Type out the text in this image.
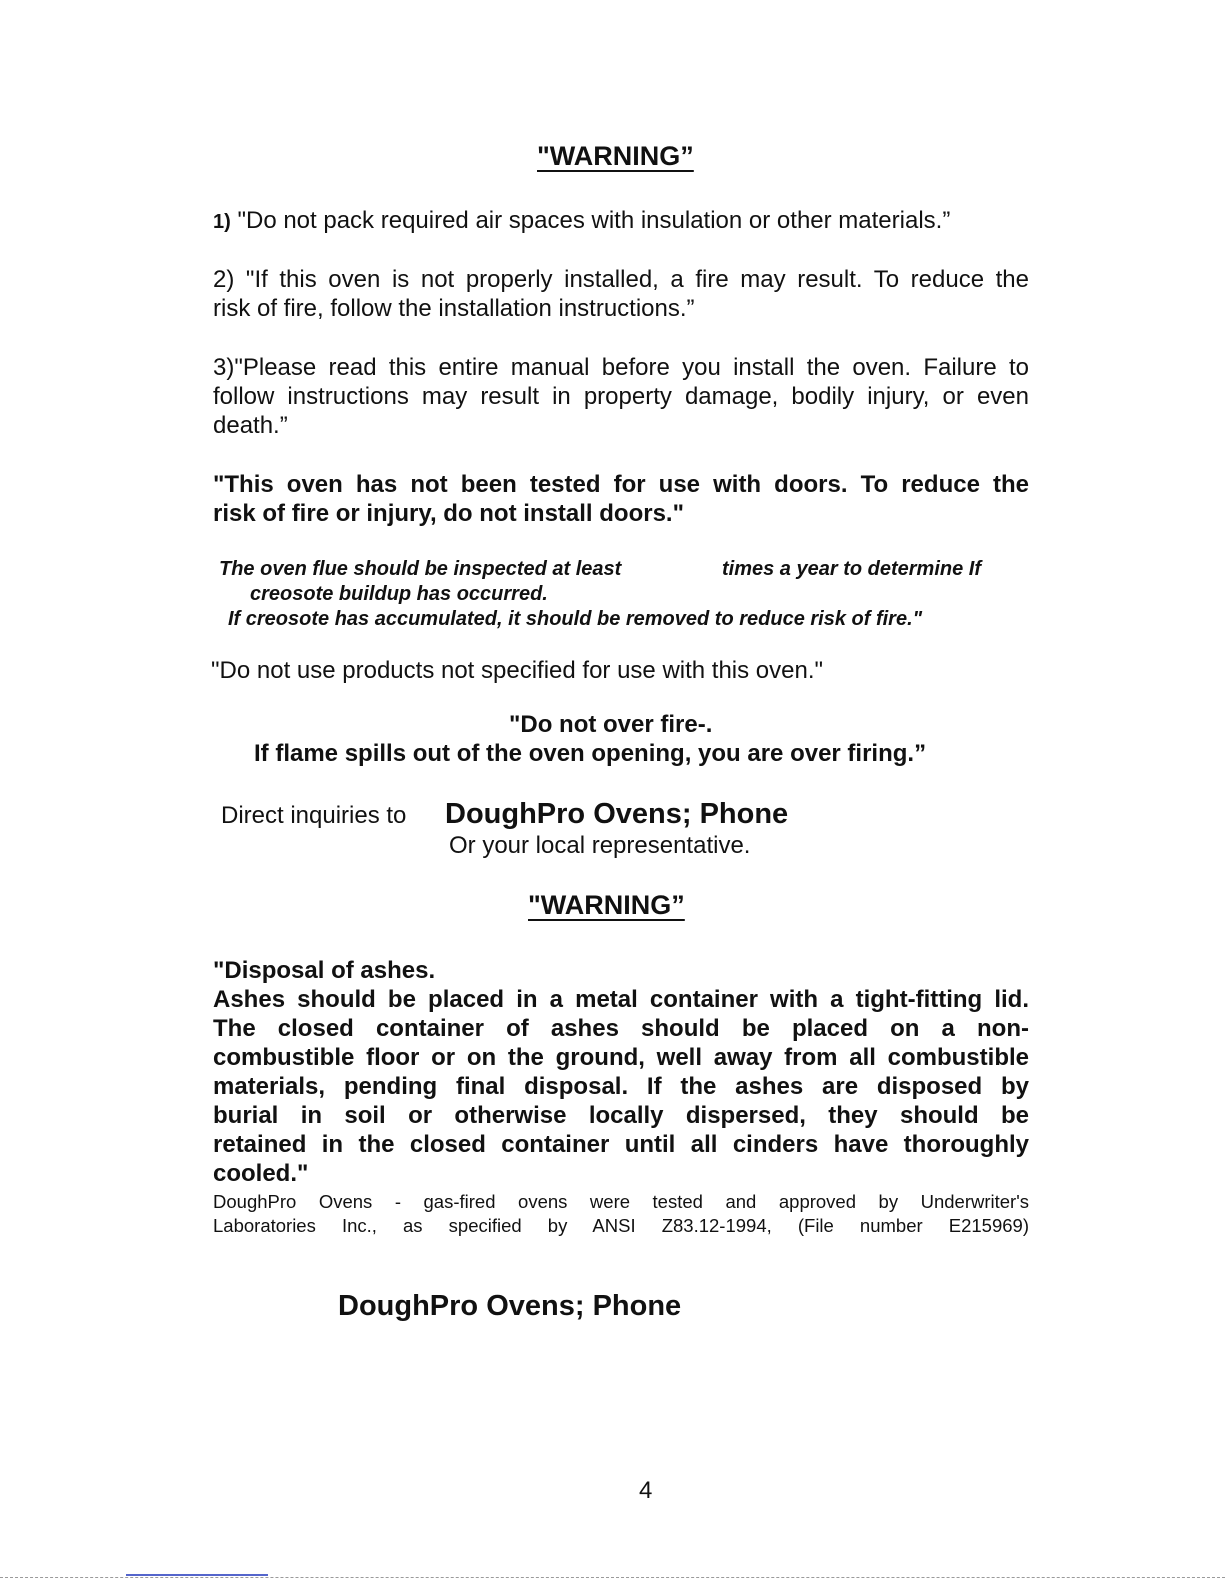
"WARNING”
1) "Do not pack required air spaces with insulation or other materials.”
2) "If this oven is not properly installed, a fire may result. To reduce the
risk of fire, follow the installation instructions.”
3)"Please read this entire manual before you install the oven. Failure to
follow instructions may result in property damage, bodily injury, or even
death.”
"This oven has not been tested for use with doors. To reduce the
risk of fire or injury, do not install doors."
The oven flue should be inspected at least	times a year to determine If
creosote buildup has occurred.
If creosote has accumulated, it should be removed to reduce risk of fire."
"Do not use products not specified for use with this oven."
"Do not over fire-.
If flame spills out of the oven opening, you are over firing.”
Direct inquiries to DoughPro Ovens; Phone
Or your local representative.
"WARNING”
"Disposal of ashes.
Ashes should be placed in a metal container with a tight-fitting lid.
The closed container of ashes should be placed on a non-
combustible floor or on the ground, well away from all combustible
materials, pending final disposal. If the ashes are disposed by
burial in soil or otherwise locally dispersed, they should be
retained in the closed container until all cinders have thoroughly
cooled."
DoughPro Ovens - gas-fired ovens were tested and approved by Underwriter's
Laboratories Inc., as specified by ANSI Z83.12-1994, (File number E215969)
DoughPro Ovens; Phone
4
